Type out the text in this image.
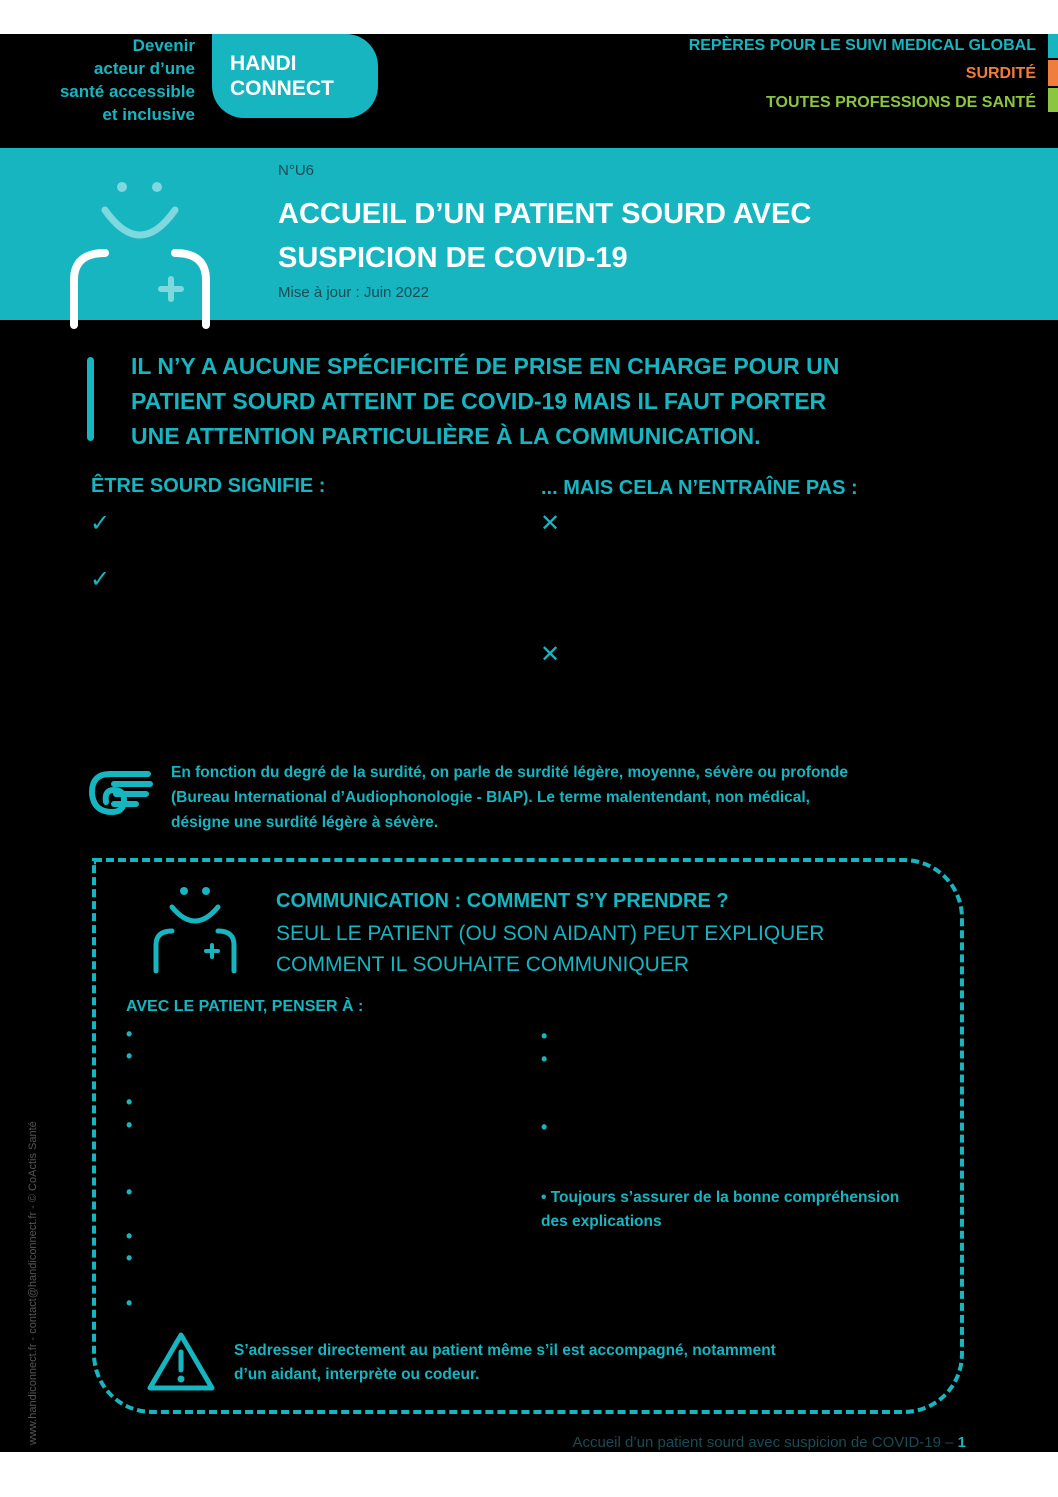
Devenir
acteur d’une
santé accessible
et inclusive
HANDI
CONNECT
REPÈRES POUR LE SUIVI MEDICAL GLOBAL
SURDITÉ
TOUTES PROFESSIONS DE SANTÉ
N°U6
ACCUEIL D’UN PATIENT SOURD AVEC
SUSPICION DE COVID-19
Mise à jour : Juin 2022
IL N’Y A AUCUNE SPÉCIFICITÉ DE PRISE EN CHARGE POUR UN
PATIENT SOURD ATTEINT DE COVID-19 MAIS IL FAUT PORTER
UNE ATTENTION PARTICULIÈRE À LA COMMUNICATION.
ÊTRE SOURD SIGNIFIE :	... MAIS CELA N’ENTRAÎNE PAS :
✓
✓
✕
✕
En fonction du degré de la surdité, on parle de surdité légère, moyenne, sévère ou profonde
(Bureau International d’Audiophonologie - BIAP). Le terme malentendant, non médical,
désigne une surdité légère à sévère.
COMMUNICATION : COMMENT S’Y PRENDRE ?
SEUL LE PATIENT (OU SON AIDANT) PEUT EXPLIQUER
COMMENT IL SOUHAITE COMMUNIQUER
AVEC LE PATIENT, PENSER À :
•
•
•
•
•
•
•
•
•
•
•
• Toujours s’assurer de la bonne compréhension
des explications
S’adresser directement au patient même s’il est accompagné, notamment
d’un aidant, interprète ou codeur.
Accueil d’un patient sourd avec suspicion de COVID-19 – 1
www.handiconnect.fr - contact@handiconnect.fr - © CoActis Santé
